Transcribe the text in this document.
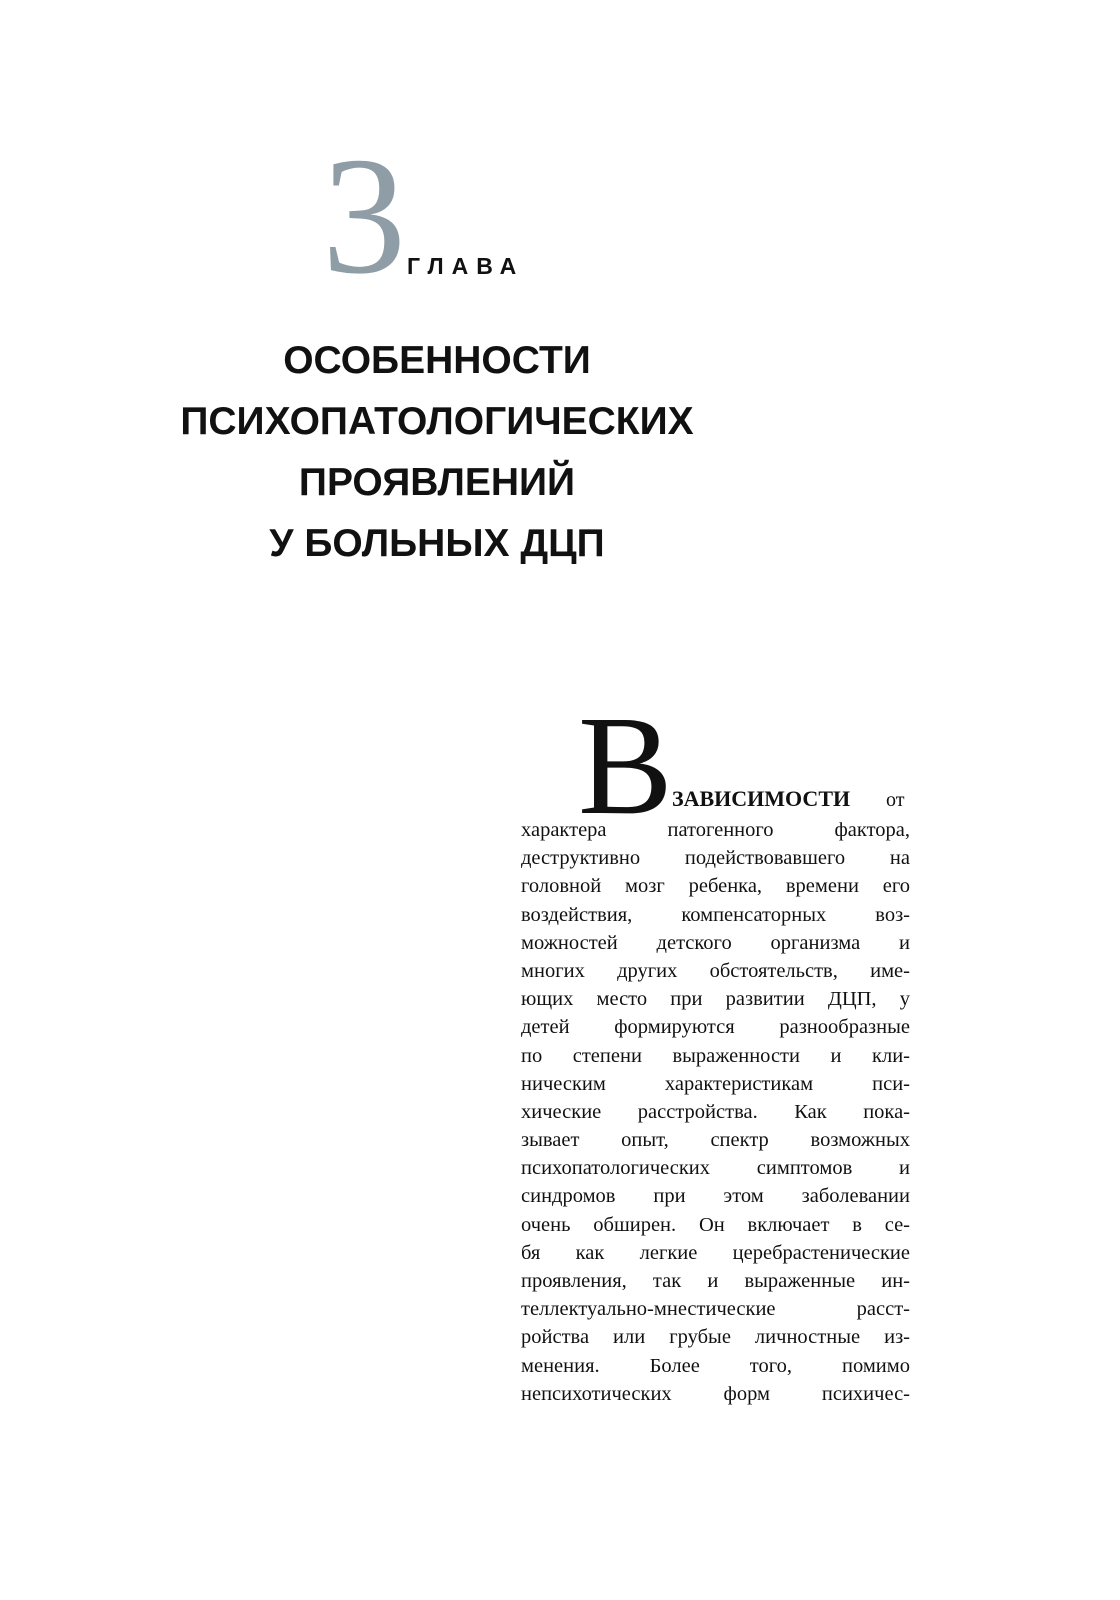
3 ГЛАВА
ОСОБЕННОСТИ
ПСИХОПАТОЛОГИЧЕСКИХ
ПРОЯВЛЕНИЙ
У БОЛЬНЫХ ДЦП
В ЗАВИСИМОСТИ от
характера патогенного фактора,
деструктивно подействовавшего на
головной мозг ребенка, времени его
воздействия, компенсаторных воз-
можностей детского организма и
многих других обстоятельств, име-
ющих место при развитии ДЦП, у
детей формируются разнообразные
по степени выраженности и кли-
ническим характеристикам пси-
хические расстройства. Как пока-
зывает опыт, спектр возможных
психопатологических симптомов и
синдромов при этом заболевании
очень обширен. Он включает в се-
бя как легкие церебрастенические
проявления, так и выраженные ин-
теллектуально-мнестические расст-
ройства или грубые личностные из-
менения. Более того, помимо
непсихотических форм психичес-
